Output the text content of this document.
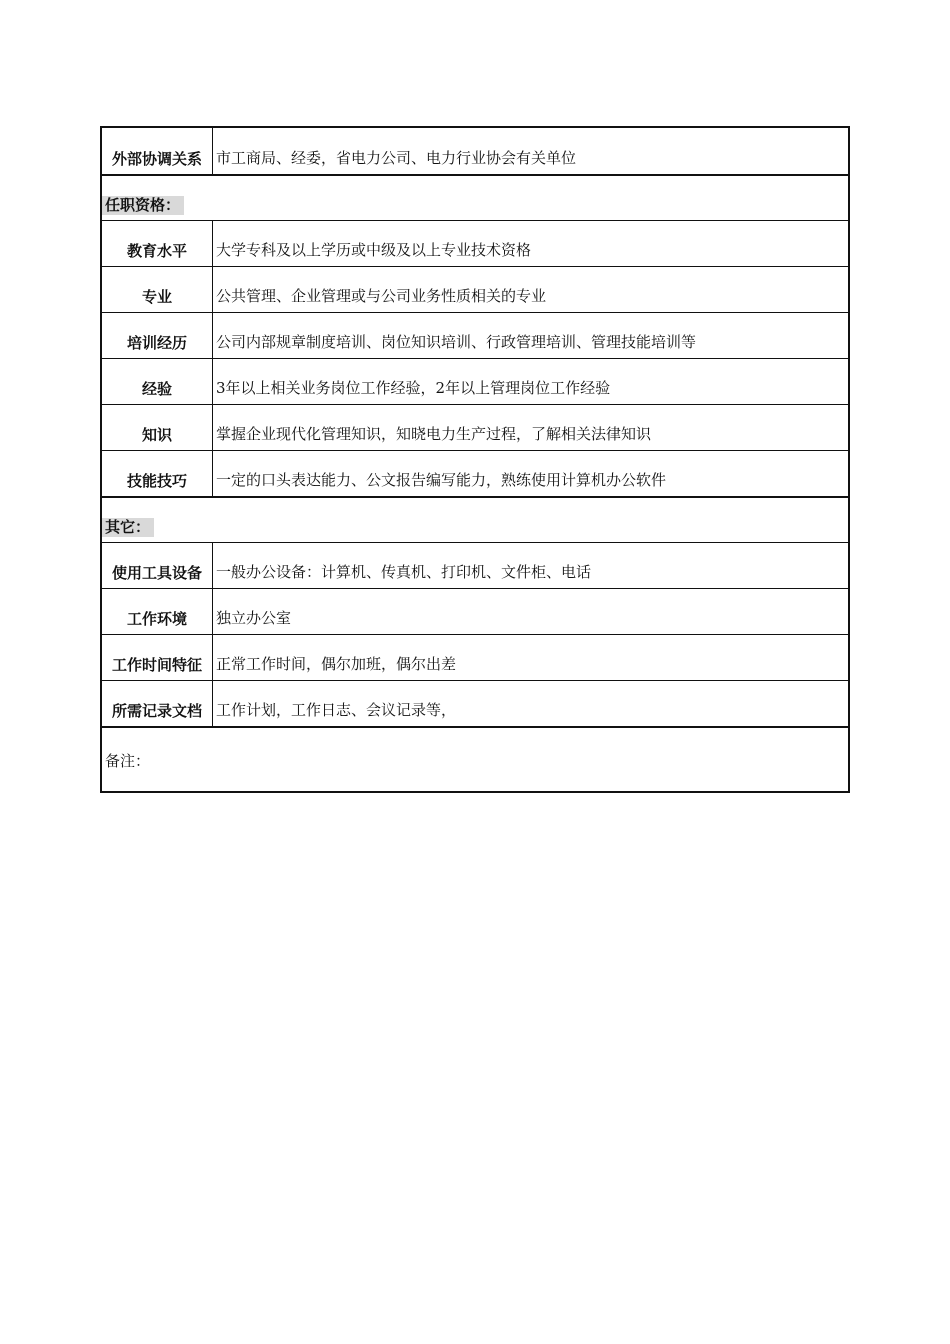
外部协调关系 市工商局、经委，省电力公司、电力行业协会有关单位
任职资格：
教育水平	大学专科及以上学历或中级及以上专业技术资格
专业	公共管理、企业管理或与公司业务性质相关的专业
培训经历	公司内部规章制度培训、岗位知识培训、行政管理培训、管理技能培训等
经验	3年以上相关业务岗位工作经验，2年以上管理岗位工作经验
知识	掌握企业现代化管理知识，知晓电力生产过程，了解相关法律知识
技能技巧	一定的口头表达能力、公文报告编写能力，熟练使用计算机办公软件
其它：
使用工具设备 一般办公设备：计算机、传真机、打印机、文件柜、电话
工作环境	独立办公室
工作时间特征 正常工作时间，偶尔加班，偶尔出差
所需记录文档 工作计划，工作日志、会议记录等，
备注：
